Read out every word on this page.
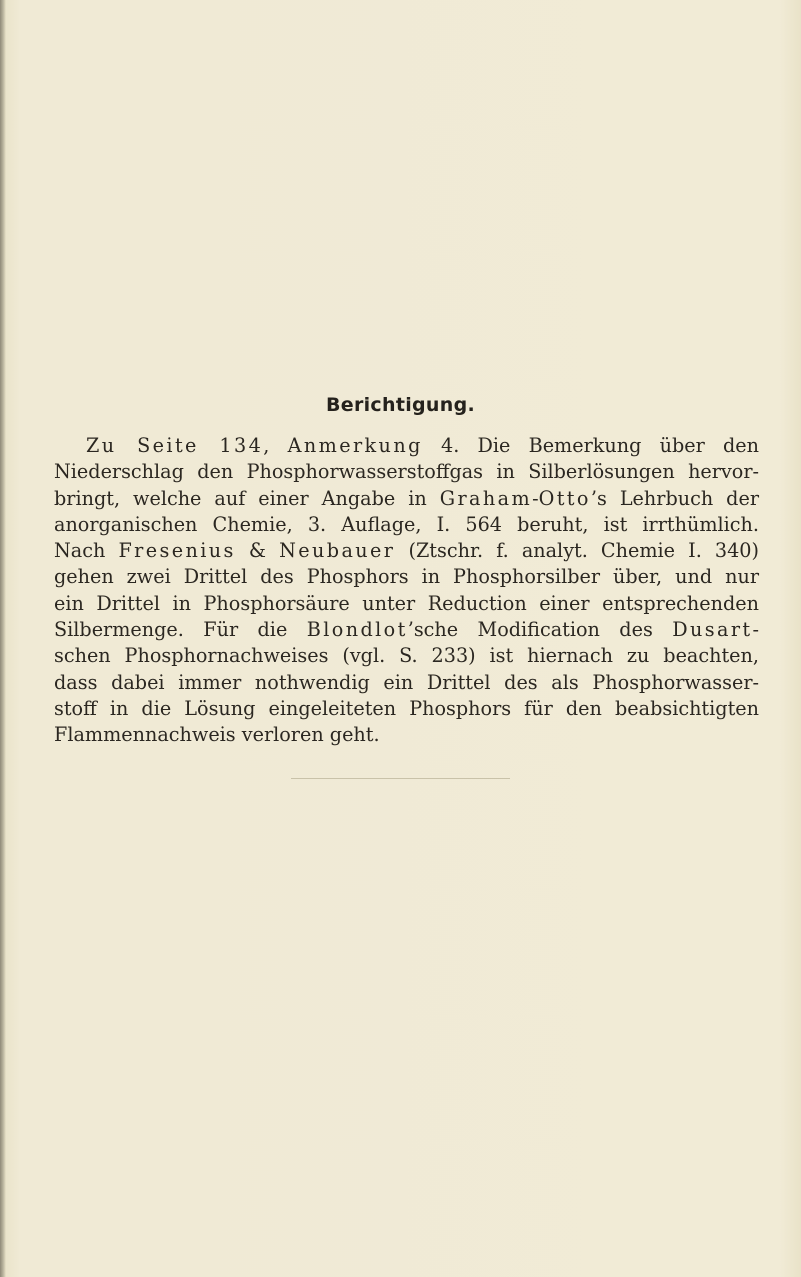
Berichtigung.
Zu Seite 134, Anmerkung 4. Die Bemerkung über den
Niederschlag den Phosphorwasserstoffgas in Silberlösungen hervor-
bringt, welche auf einer Angabe in Graham-Otto’s Lehrbuch der
anorganischen Chemie, 3. Auflage, I. 564 beruht, ist irrthümlich.
Nach Fresenius & Neubauer (Ztschr. f. analyt. Chemie I. 340)
gehen zwei Drittel des Phosphors in Phosphorsilber über, und nur
ein Drittel in Phosphorsäure unter Reduction einer entsprechenden
Silbermenge. Für die Blondlot’sche Modification des Dusart-
schen Phosphornachweises (vgl. S. 233) ist hiernach zu beachten,
dass dabei immer nothwendig ein Drittel des als Phosphorwasser-
stoff in die Lösung eingeleiteten Phosphors für den beabsichtigten
Flammennachweis verloren geht.
